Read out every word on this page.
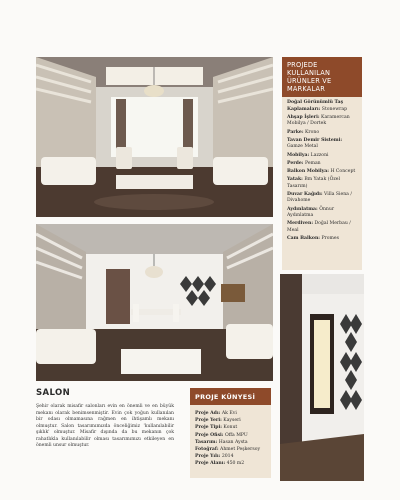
PROJEDE KULLANILAN ÜRÜNLER VE MARKALAR

Doğal Görünümlü Taş Kaplamaları: Stonewrap

Ahşap İşleri: Karamercan Mobilya / Dortek

Parke: Krono

Tavan Demir Sistemi: Gamze Metal

Mobilya: Lazzoni

Perde: Peman

Balkon Mobilya: H Concept

Yatak: Bm Yatak (Özel Tasarım)

Duvar Kağıdı: Villa Siena / Divahome

Aydınlatma: Önnur Aydınlatma

Merdiven: Doğal Merbau / Meal

Cam Balkon: Promes

SALON
Şehir olarak misafir salonları evin en önemli ve en büyük mekanı olarak benimsenmiştir. Evin çok yoğun kullanılan bir odası olmamasına rağmen en ihtişamlı mekanı olmuştur. Salon tasarımımızda önceliğimiz 'kullanılabilir şıklık' olmuştur. Misafir dışında da bu mekanın çok rahatlıkla kullanılabilir olması tasarımımızı etkileyen en önemli unsur olmuştur.
PROJE KÜNYESİ
Proje Adı: Ak Evi
Proje Yeri: Kayseri
Proje Tipi: Konut
Proje Ofisi: Offa MPU
Tasarım: Hasan Aysta
Fotoğraf: Ahmet Peşkersoy
Proje Yılı: 2014
Proje Alanı: 450 m2
